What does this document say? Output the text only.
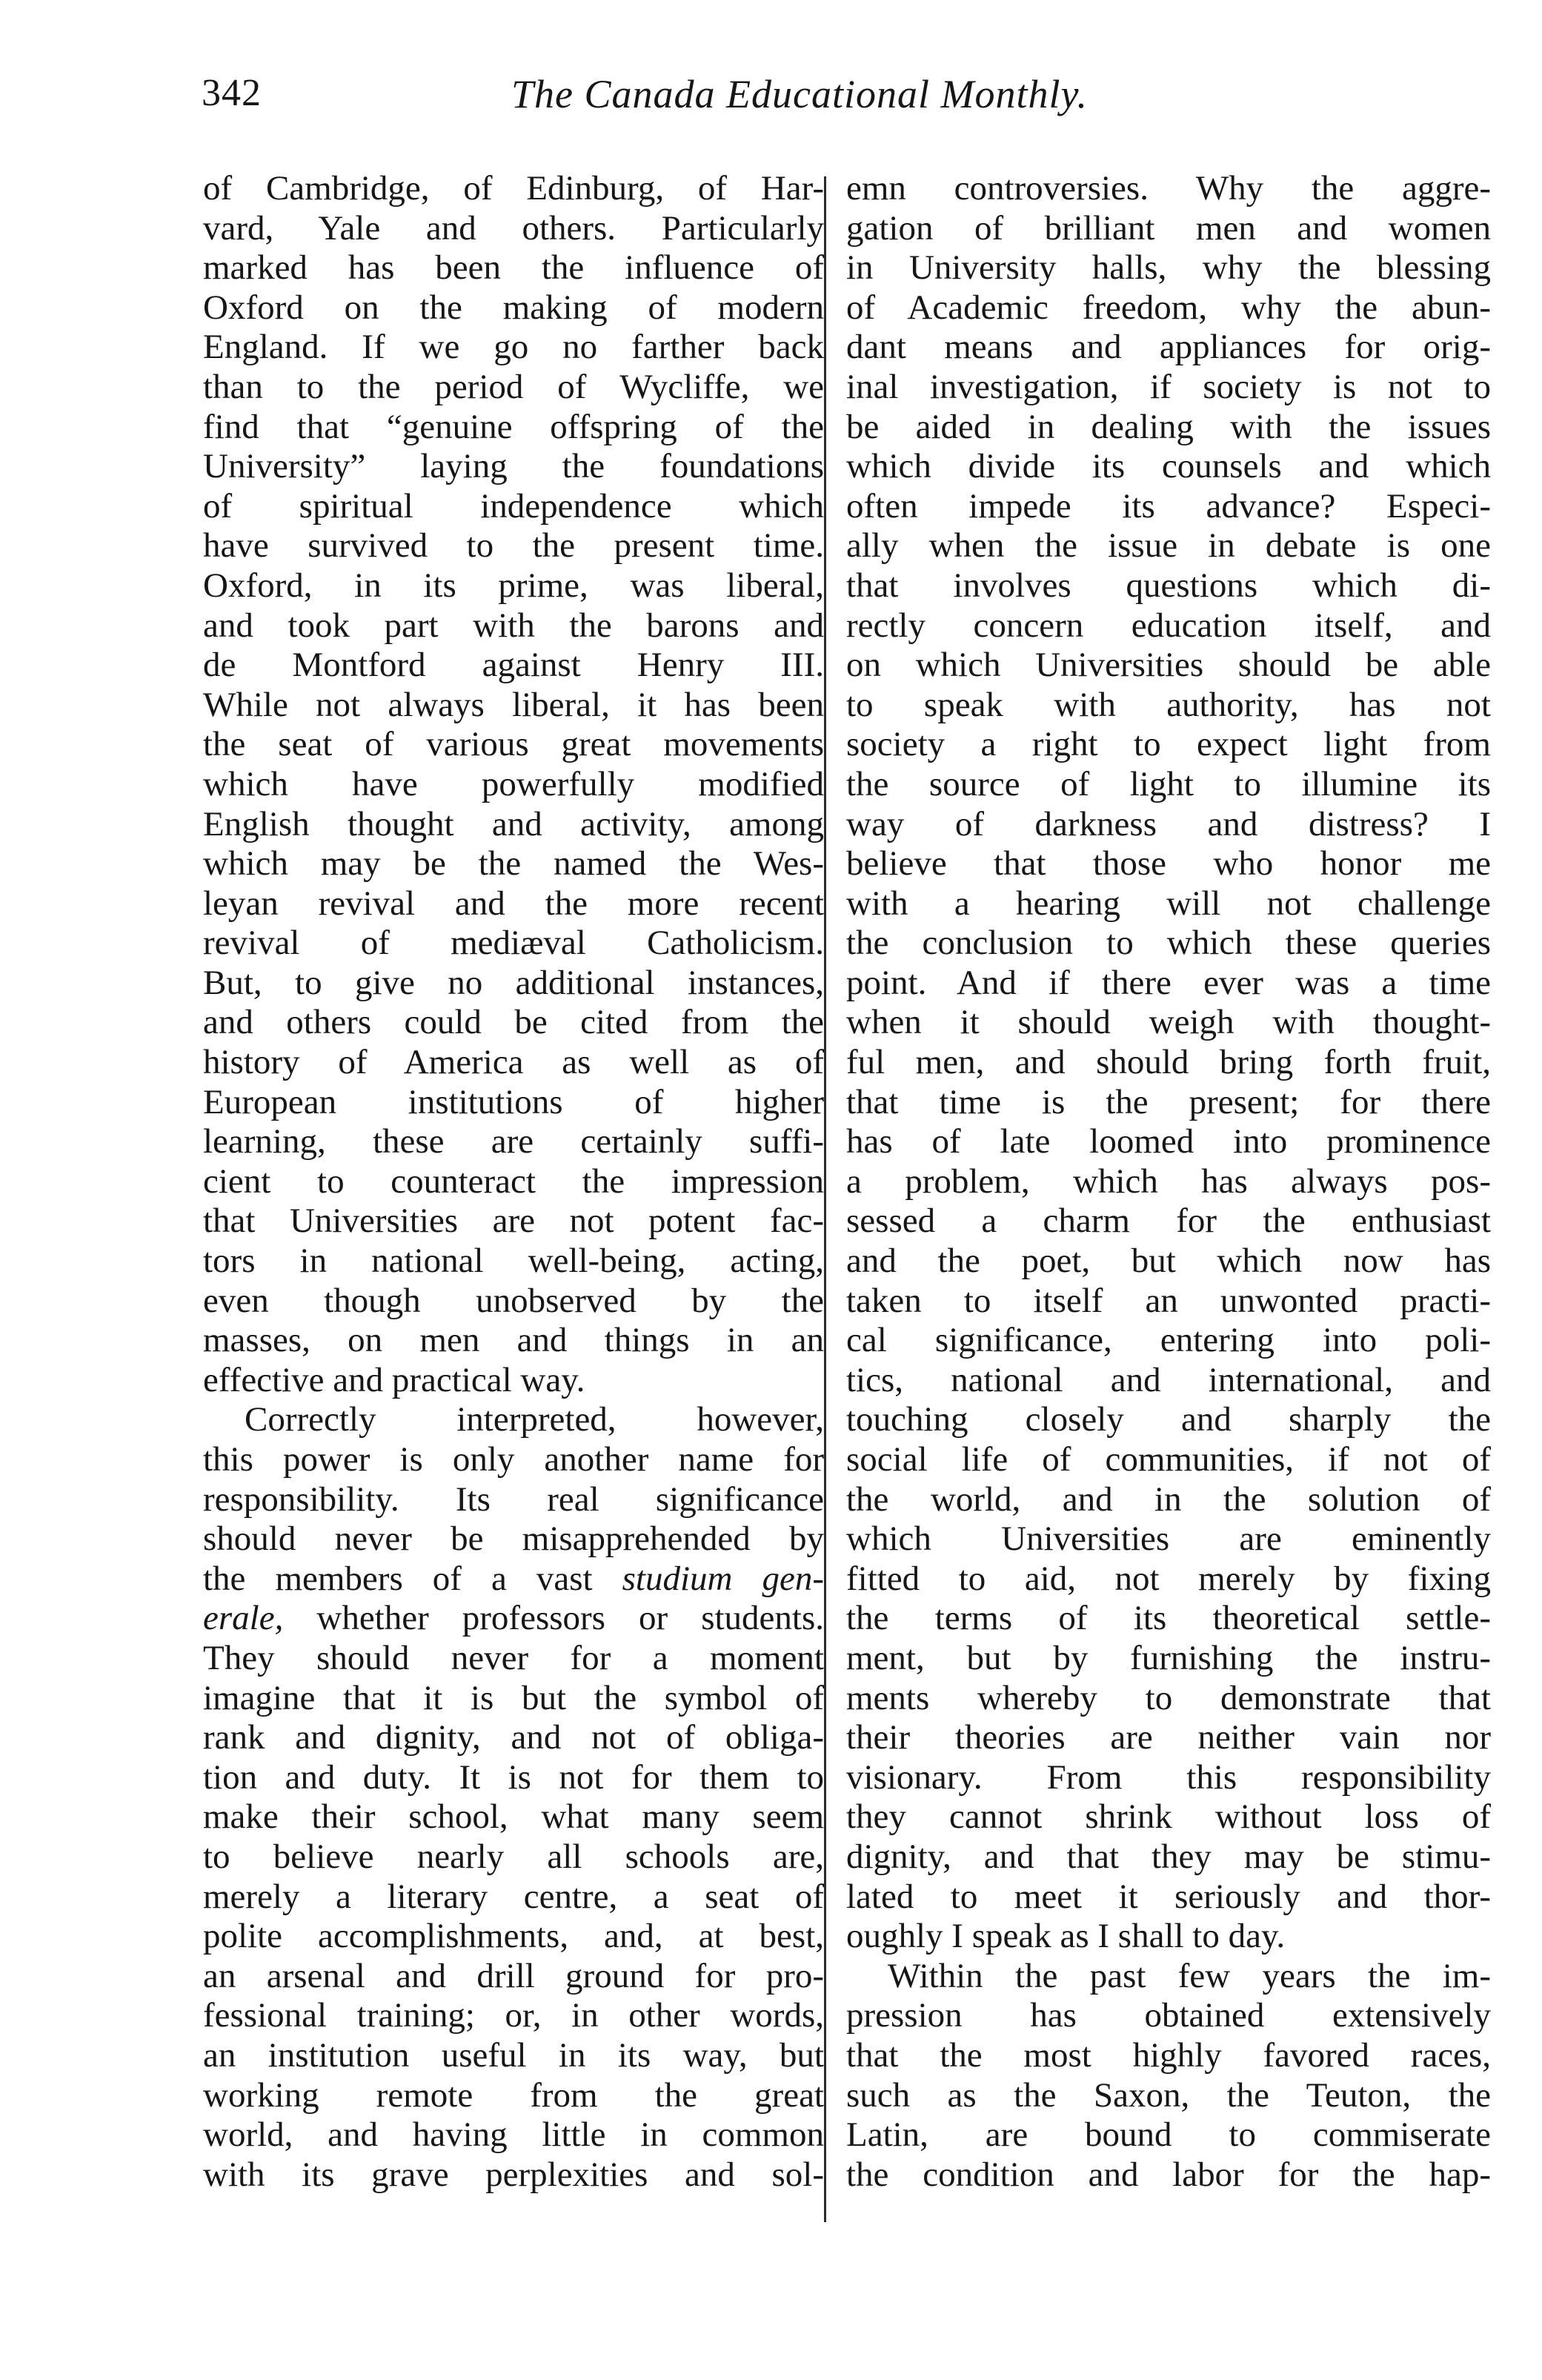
342	The Canada Educational Monthly.
of Cambridge, of Edinburg, of Har-
vard, Yale and others. Particularly
marked has been the influence of
Oxford on the making of modern
England. If we go no farther back
than to the period of Wycliffe, we
find that “genuine offspring of the
University” laying the foundations
of spiritual independence which
have survived to the present time.
Oxford, in its prime, was liberal,
and took part with the barons and
de Montford against Henry III.
While not always liberal, it has been
the seat of various great movements
which have powerfully modified
English thought and activity, among
which may be the named the Wes-
leyan revival and the more recent
revival of mediæval Catholicism.
But, to give no additional instances,
and others could be cited from the
history of America as well as of
European institutions of higher
learning, these are certainly suffi-
cient to counteract the impression
that Universities are not potent fac-
tors in national well-being, acting,
even though unobserved by the
masses, on men and things in an
effective and practical way.
Correctly interpreted, however,
this power is only another name for
responsibility. Its real significance
should never be misapprehended by
the members of a vast studium gen-
erale, whether professors or students.
They should never for a moment
imagine that it is but the symbol of
rank and dignity, and not of obliga-
tion and duty. It is not for them to
make their school, what many seem
to believe nearly all schools are,
merely a literary centre, a seat of
polite accomplishments, and, at best,
an arsenal and drill ground for pro-
fessional training; or, in other words,
an institution useful in its way, but
working remote from the great
world, and having little in common
with its grave perplexities and sol-
emn controversies. Why the aggre-
gation of brilliant men and women
in University halls, why the blessing
of Academic freedom, why the abun-
dant means and appliances for orig-
inal investigation, if society is not to
be aided in dealing with the issues
which divide its counsels and which
often impede its advance? Especi-
ally when the issue in debate is one
that involves questions which di-
rectly concern education itself, and
on which Universities should be able
to speak with authority, has not
society a right to expect light from
the source of light to illumine its
way of darkness and distress? I
believe that those who honor me
with a hearing will not challenge
the conclusion to which these queries
point. And if there ever was a time
when it should weigh with thought-
ful men, and should bring forth fruit,
that time is the present; for there
has of late loomed into prominence
a problem, which has always pos-
sessed a charm for the enthusiast
and the poet, but which now has
taken to itself an unwonted practi-
cal significance, entering into poli-
tics, national and international, and
touching closely and sharply the
social life of communities, if not of
the world, and in the solution of
which Universities are eminently
fitted to aid, not merely by fixing
the terms of its theoretical settle-
ment, but by furnishing the instru-
ments whereby to demonstrate that
their theories are neither vain nor
visionary. From this responsibility
they cannot shrink without loss of
dignity, and that they may be stimu-
lated to meet it seriously and thor-
oughly I speak as I shall to day.
Within the past few years the im-
pression has obtained extensively
that the most highly favored races,
such as the Saxon, the Teuton, the
Latin, are bound to commiserate
the condition and labor for the hap-
